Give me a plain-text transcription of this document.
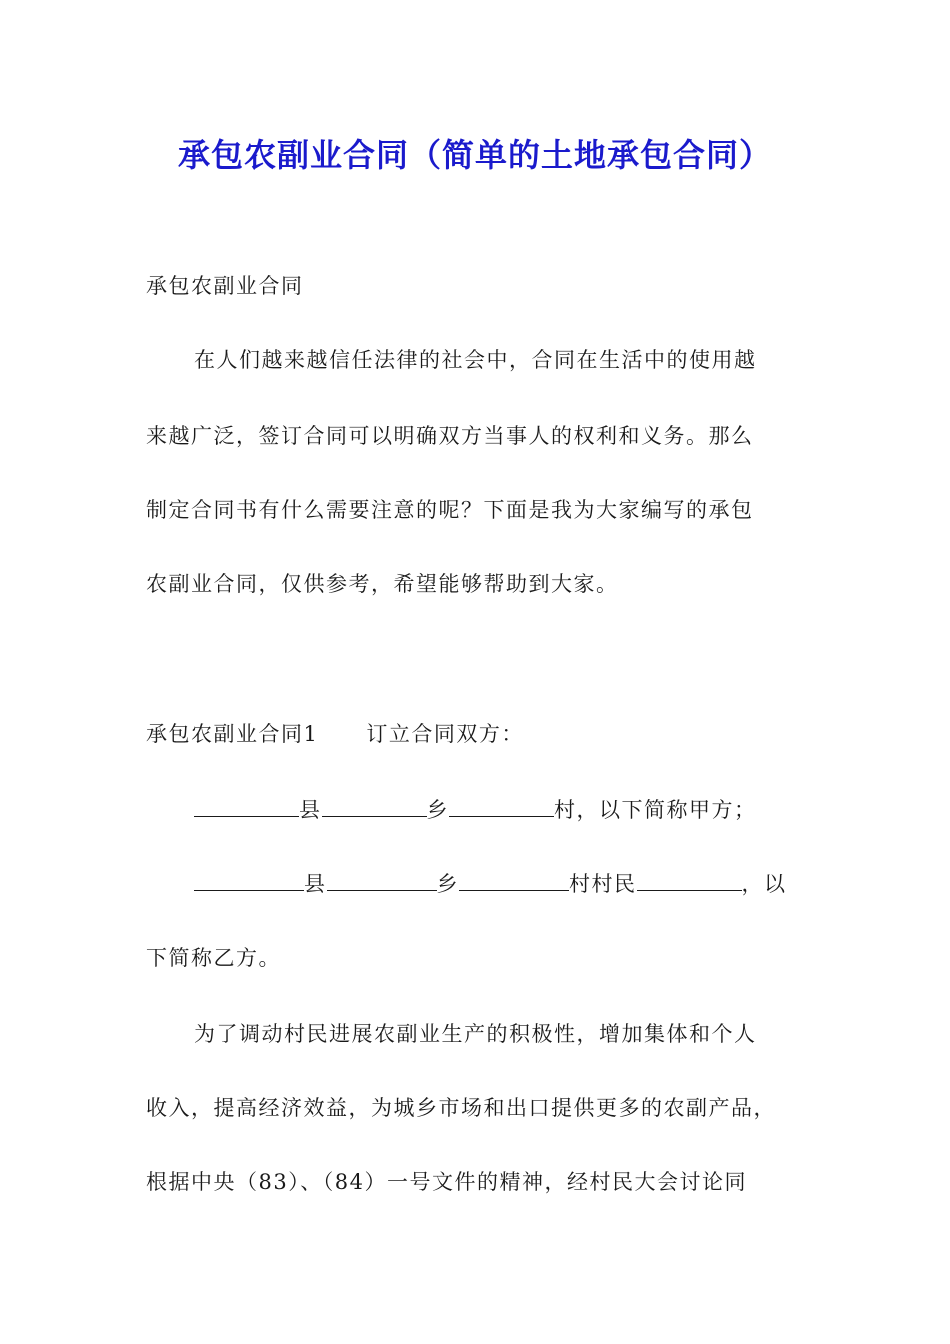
承包农副业合同（简单的土地承包合同）
承包农副业合同
在人们越来越信任法律的社会中，合同在生活中的使用越
来越广泛，签订合同可以明确双方当事人的权利和义务。那么
制定合同书有什么需要注意的呢？下面是我为大家编写的承包
农副业合同，仅供参考，希望能够帮助到大家。
承包农副业合同1 订立合同双方：
县	乡	村，以下简称甲方；
县	乡	村村民	，以
下简称乙方。
为了调动村民进展农副业生产的积极性，增加集体和个人
收入，提高经济效益，为城乡市场和出口提供更多的农副产品，
根据中央（83）、（84）一号文件的精神，经村民大会讨论同
